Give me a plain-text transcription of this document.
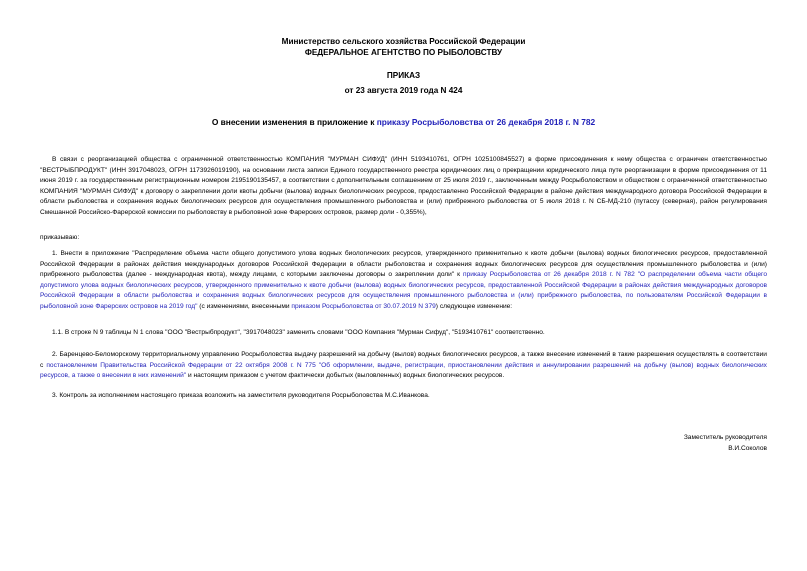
Министерство сельского хозяйства Российской Федерации
ФЕДЕРАЛЬНОЕ АГЕНТСТВО ПО РЫБОЛОВСТВУ
ПРИКАЗ
от 23 августа 2019 года N 424
О внесении изменения в приложение к приказу Росрыболовства от 26 декабря 2018 г. N 782

В связи с реорганизацией общества с ограниченной ответственностью КОМПАНИЯ "МУРМАН СИФУД" (ИНН 5193410761, ОГРН 1025100845527) в форме присоединения к нему общества с ограничен ответственностью "ВЕСТРЫБПРОДУКТ" (ИНН 3917048023, ОГРН 1173926019190), на основании листа записи Единого государственного реестра юридических лиц о прекращении юридического лица путе реорганизации в форме присоединения от 11 июня 2019 г. за государственным регистрационным номером 2195190135457, в соответствии с дополнительным соглашением от 25 июля 2019 г., заключенным между Росрыболовством и обществом с ограниченной ответственностью КОМПАНИЯ "МУРМАН СИФУД" к договору о закреплении доли квоты добычи (вылова) водных биологических ресурсов, предоставленно Российской Федерации в районе действия международного договора Российской Федерации в области рыболовства и сохранения водных биологических ресурсов для осуществления промышленного рыболовства и (или) прибрежного рыболовства от 5 июля 2018 г. N СБ-МД-210 (путассу (северная), район регулирования Смешанной Российско-Фарерской комиссии по рыболовству в рыболовной зоне Фарерских островов, размер доли - 0,355%),

приказываю:

1. Внести в приложение "Распределение объема части общего допустимого улова водных биологических ресурсов, утвержденного применительно к квоте добычи (вылова) водных биологических ресурсов, предоставленной Российской Федерации в районах действия международных договоров Российской Федерации в области рыболовства и сохранения водных биологических ресурсов для осуществления промышленного рыболовства и (или) прибрежного рыболовства (далее - международная квота), между лицами, с которыми заключены договоры о закреплении доли" к приказу Росрыболовства от 26 декабря 2018 г. N 782 "О распределении объема части общего допустимого улова водных биологических ресурсов, утвержденного применительно к квоте добычи (вылова) водных биологических ресурсов, предоставленной Российской Федерации в районах действия международных договоров Российской Федерации в области рыболовства и сохранения водных биологических ресурсов для осуществления промышленного рыболовства и (или) прибрежного рыболовства, по пользователям Российской Федерации в рыболовной зоне Фарерских островов на 2019 год" (с изменениями, внесенными приказом Росрыболовства от 30.07.2019 N 379) следующее изменение:

1.1. В строке N 9 таблицы N 1 слова "ООО "Вестрыбпродукт", "3917048023" заменить словами "ООО Компания "Мурман Сифуд", "5193410761" соответственно.

2. Баренцево-Беломорскому территориальному управлению Росрыболовства выдачу разрешений на добычу (вылов) водных биологических ресурсов, а также внесение изменений в такие разрешения осуществлять в соответствии с постановлением Правительства Российской Федерации от 22 октября 2008 г. N 775 "Об оформлении, выдаче, регистрации, приостановлении действия и аннулировании разрешений на добычу (вылов) водных биологических ресурсов, а также о внесении в них изменений" и настоящим приказом с учетом фактически добытых (выловленных) водных биологических ресурсов.

3. Контроль за исполнением настоящего приказа возложить на заместителя руководителя Росрыболовства М.С.Иванкова.

Заместитель руководителя
В.И.Соколов
